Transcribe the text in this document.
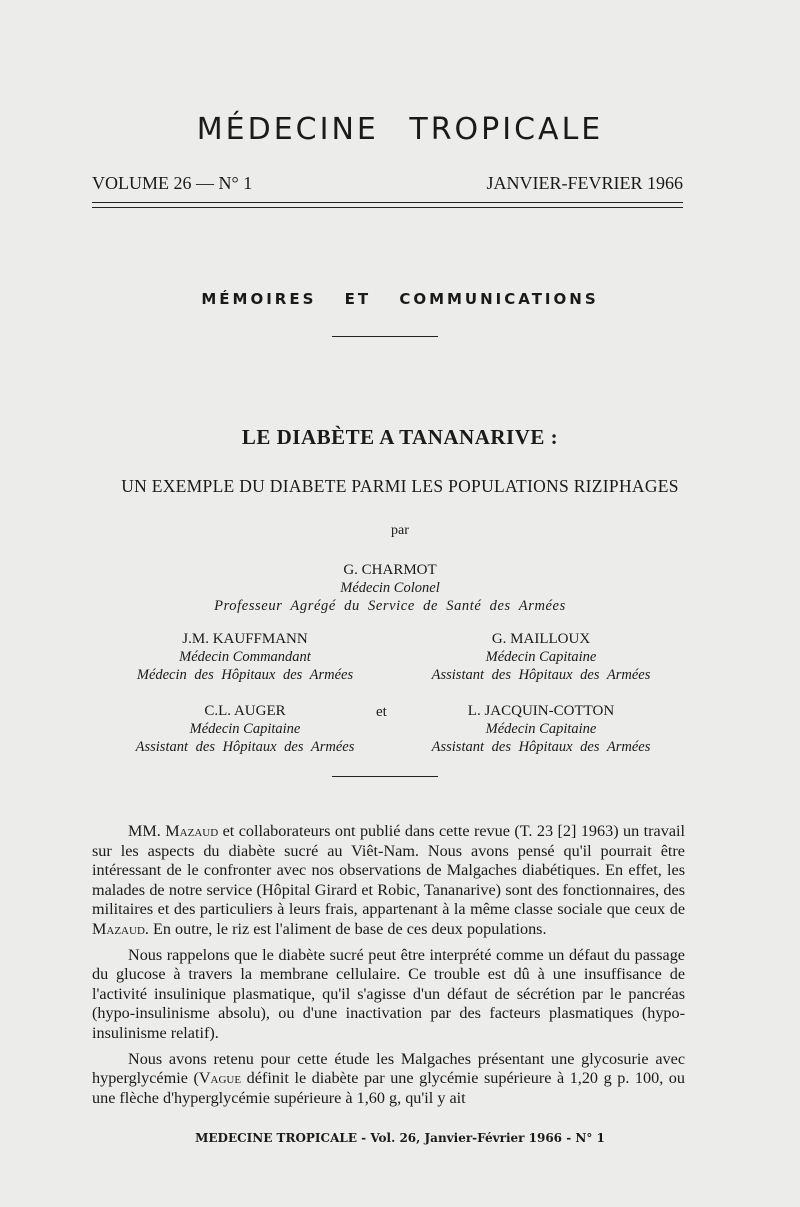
MÉDECINE TROPICALE
VOLUME 26 — N° 1	JANVIER-FEVRIER 1966
MÉMOIRES ET COMMUNICATIONS
LE DIABÈTE A TANANARIVE :
UN EXEMPLE DU DIABETE PARMI LES POPULATIONS RIZIPHAGES
par
G. CHARMOT
Médecin Colonel
Professeur Agrégé du Service de Santé des Armées
J.M. KAUFFMANN
Médecin Commandant
Médecin des Hôpitaux des Armées
G. MAILLOUX
Médecin Capitaine
Assistant des Hôpitaux des Armées
C.L. AUGER
Médecin Capitaine
Assistant des Hôpitaux des Armées
et	L. JACQUIN-COTTON
Médecin Capitaine
Assistant des Hôpitaux des Armées

MM. Mazaud et collaborateurs ont publié dans cette revue (T. 23 [2] 1963) un travail sur les aspects du diabète sucré au Viêt-Nam. Nous avons pensé qu'il pourrait être intéressant de le confronter avec nos observations de Malgaches diabétiques. En effet, les malades de notre service (Hôpital Girard et Robic, Tananarive) sont des fonctionnaires, des militaires et des particuliers à leurs frais, appartenant à la même classe sociale que ceux de Mazaud. En outre, le riz est l'aliment de base de ces deux populations.

Nous rappelons que le diabète sucré peut être interprété comme un défaut du passage du glucose à travers la membrane cellulaire. Ce trouble est dû à une insuffisance de l'activité insulinique plasmatique, qu'il s'agisse d'un défaut de sécrétion par le pancréas (hypo-insulinisme absolu), ou d'une inactivation par des facteurs plasmatiques (hypo-insulinisme relatif).

Nous avons retenu pour cette étude les Malgaches présentant une glycosurie avec hyperglycémie (Vague définit le diabète par une glycémie supérieure à 1,20 g p. 100, ou une flèche d'hyperglycémie supérieure à 1,60 g, qu'il y ait

MEDECINE TROPICALE - Vol. 26, Janvier-Février 1966 - N° 1
